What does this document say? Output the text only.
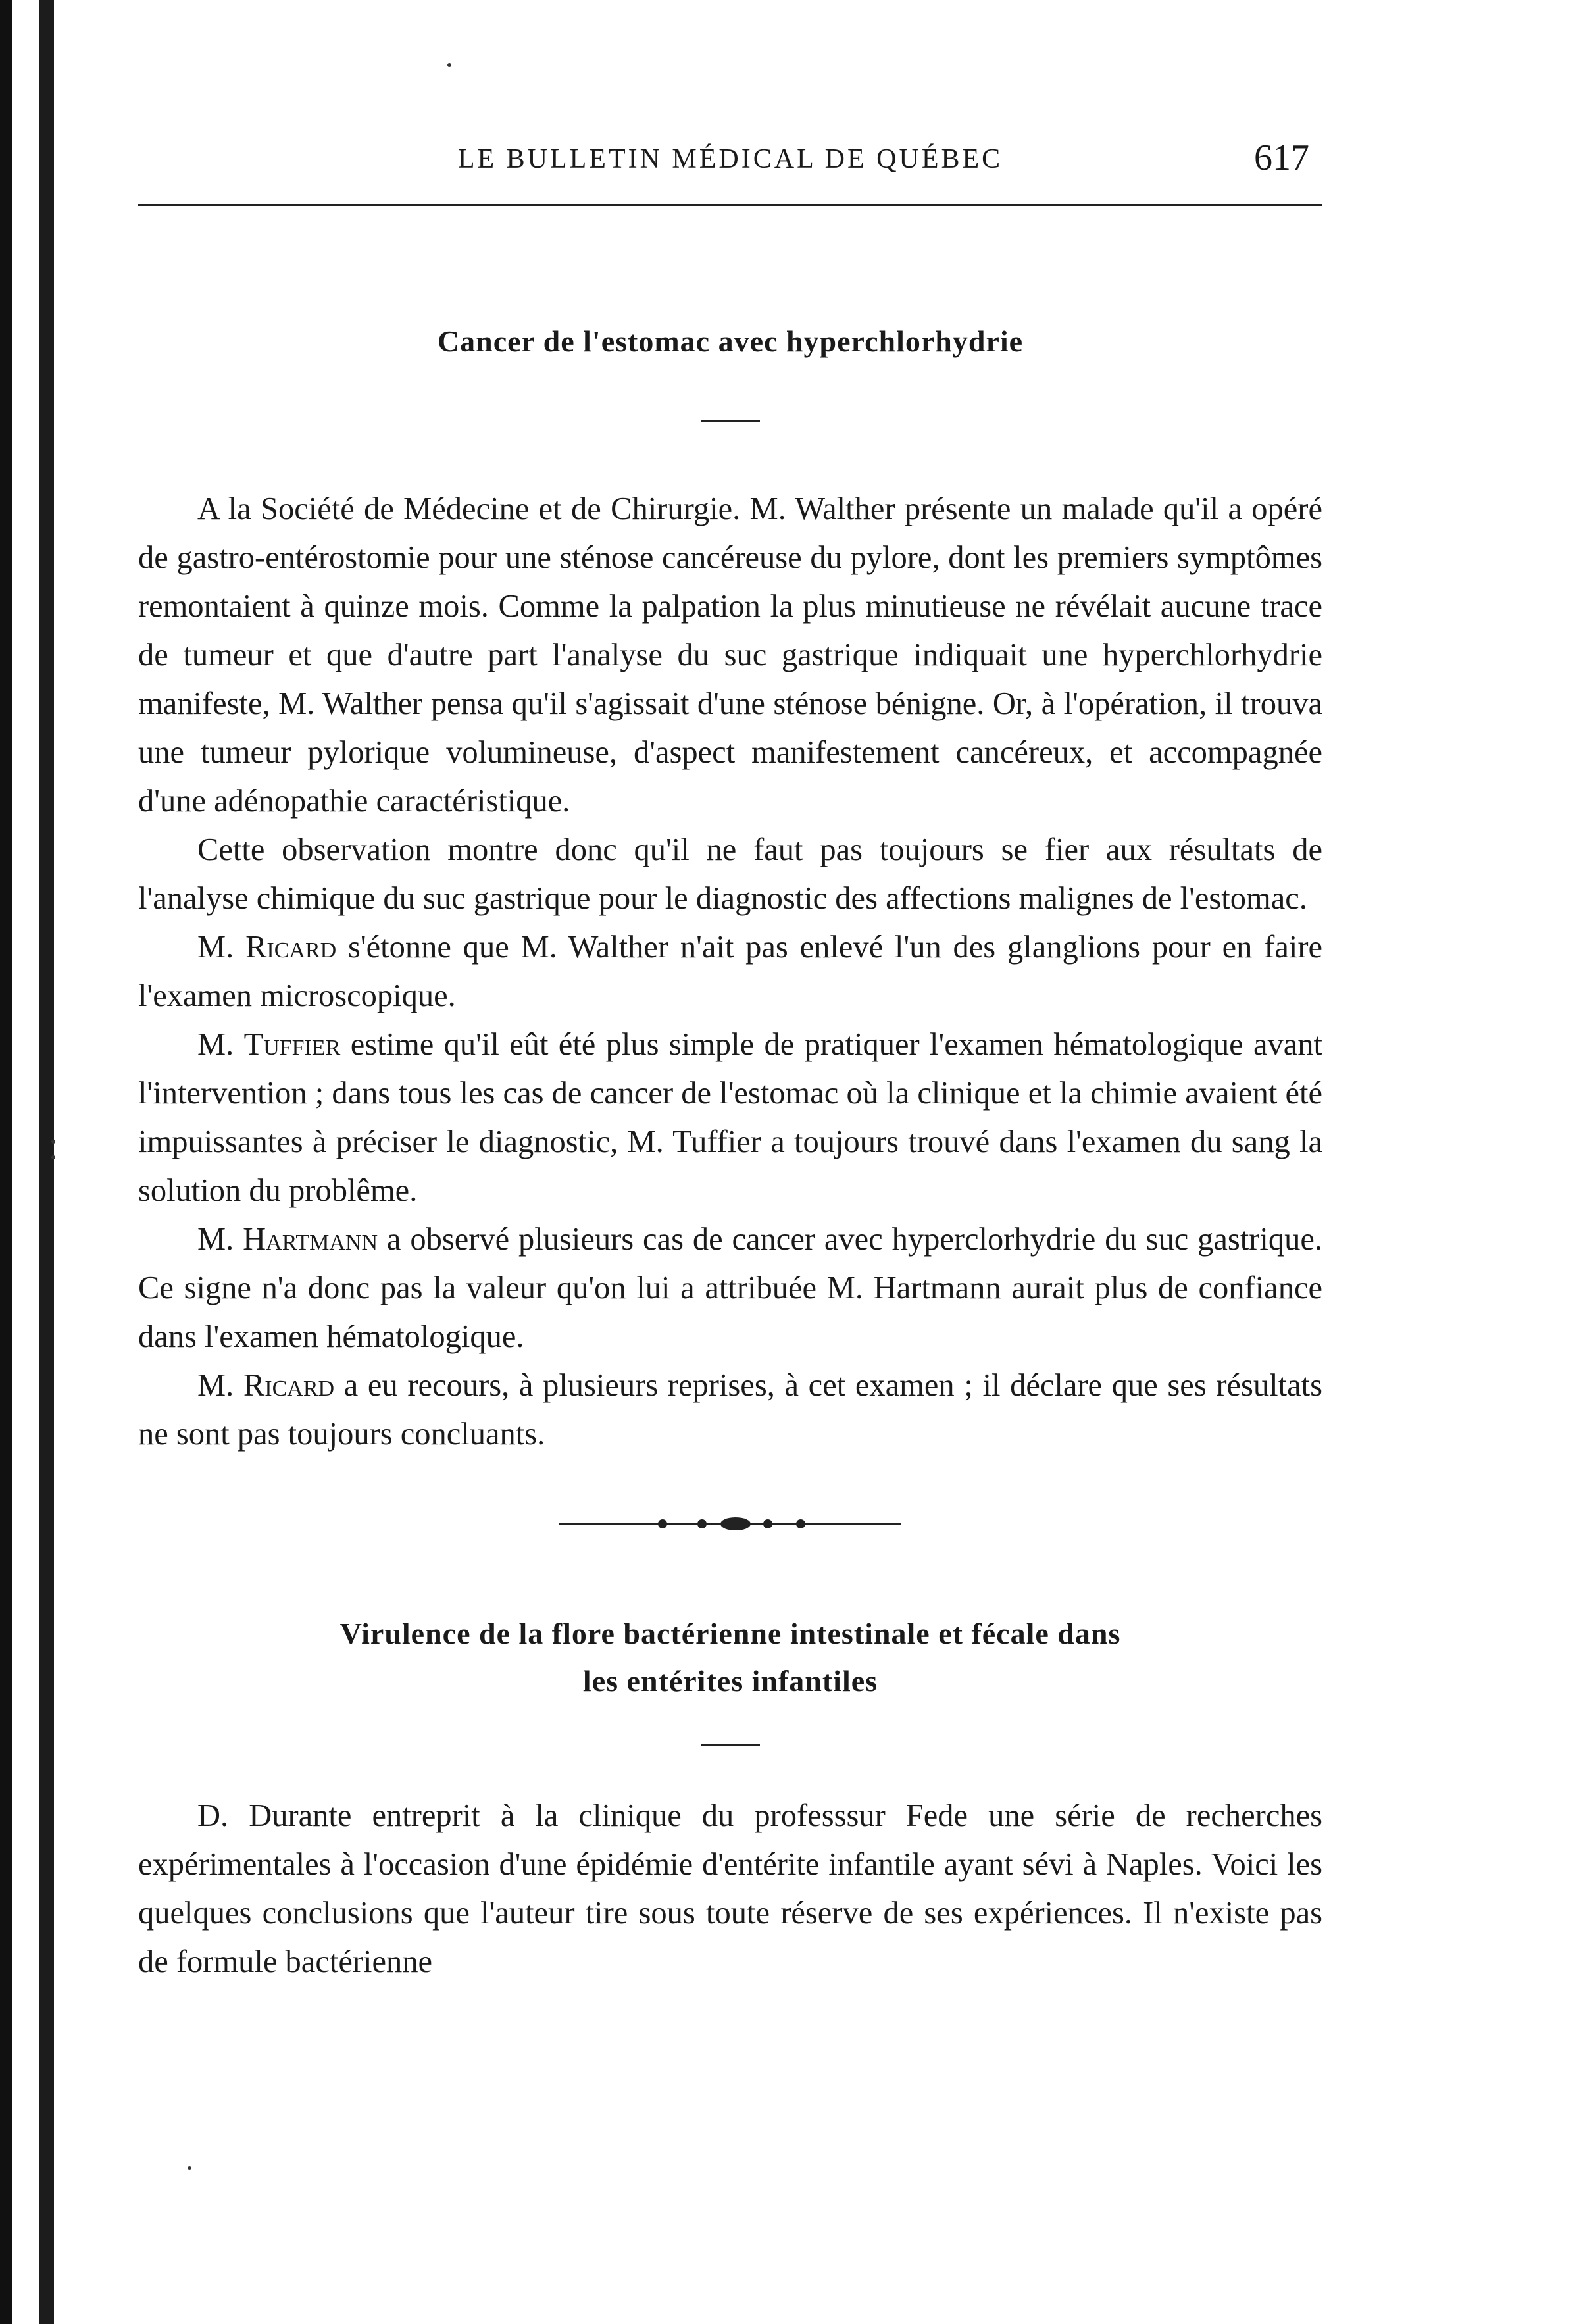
LE BULLETIN MÉDICAL DE QUÉBEC	617
Cancer de l'estomac avec hyperchlorhydrie

A la Société de Médecine et de Chirurgie. M. Walther présente un malade qu'il a opéré de gastro-entérostomie pour une sténose cancéreuse du pylore, dont les premiers symptômes remontaient à quinze mois. Comme la palpation la plus minutieuse ne révélait aucune trace de tumeur et que d'autre part l'analyse du suc gastrique indiquait une hyperchlorhydrie manifeste, M. Walther pensa qu'il s'agissait d'une sténose bénigne. Or, à l'opération, il trouva une tumeur pylorique volumineuse, d'aspect manifestement cancéreux, et accompagnée d'une adénopathie caractéristique.

Cette observation montre donc qu'il ne faut pas toujours se fier aux résultats de l'analyse chimique du suc gastrique pour le diagnostic des affections malignes de l'estomac.

M. Ricard s'étonne que M. Walther n'ait pas enlevé l'un des glanglions pour en faire l'examen microscopique.

M. Tuffier estime qu'il eût été plus simple de pratiquer l'examen hématologique avant l'intervention ; dans tous les cas de cancer de l'estomac où la clinique et la chimie avaient été impuissantes à préciser le diagnostic, M. Tuffier a toujours trouvé dans l'examen du sang la solution du problême.

M. Hartmann a observé plusieurs cas de cancer avec hyperclorhydrie du suc gastrique. Ce signe n'a donc pas la valeur qu'on lui a attribuée M. Hartmann aurait plus de confiance dans l'examen hématologique.

M. Ricard a eu recours, à plusieurs reprises, à cet examen ; il déclare que ses résultats ne sont pas toujours concluants.

Virulence de la flore bactérienne intestinale et fécale dans
les entérites infantiles

D. Durante entreprit à la clinique du professsur Fede une série de recherches expérimentales à l'occasion d'une épidémie d'entérite infantile ayant sévi à Naples. Voici les quelques conclusions que l'auteur tire sous toute réserve de ses expériences. Il n'existe pas de formule bactérienne
